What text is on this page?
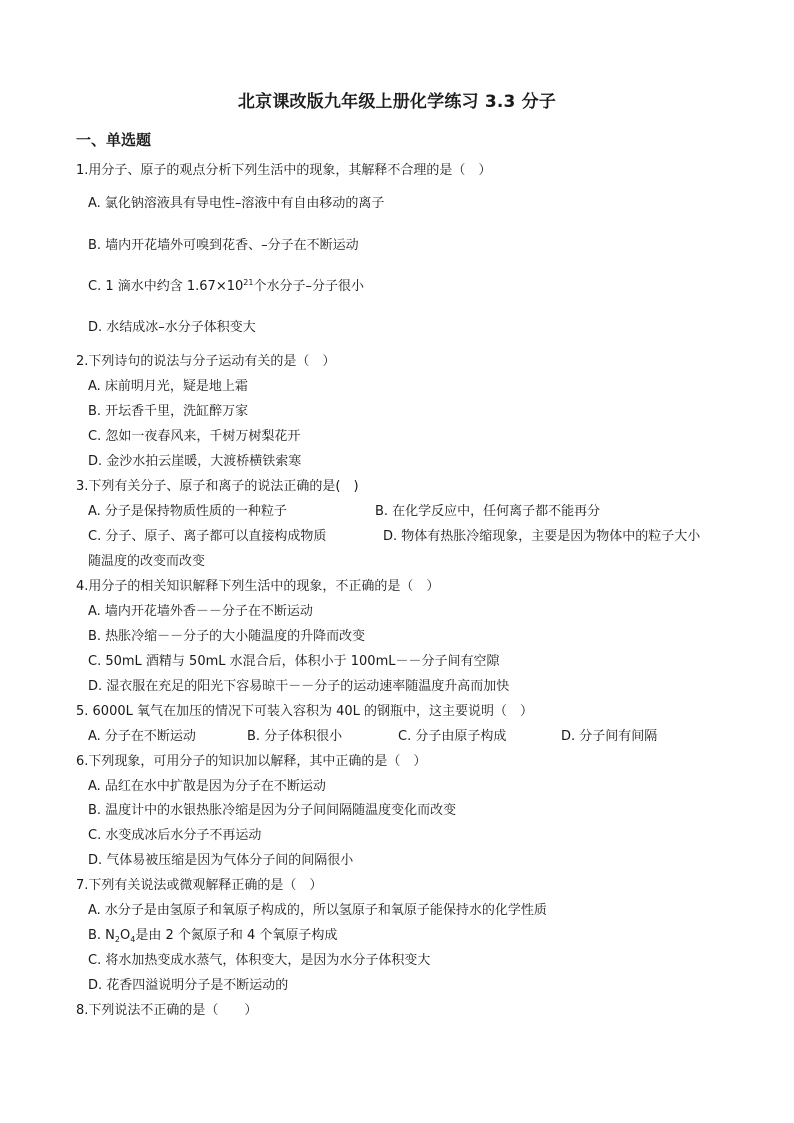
北京课改版九年级上册化学练习 3.3 分子
一、单选题
1.用分子、原子的观点分析下列生活中的现象，其解释不合理的是（　）
A. 氯化钠溶液具有导电性–溶液中有自由移动的离子
B. 墙内开花墙外可嗅到花香、–分子在不断运动
C. 1 滴水中约含 $1.67\times 10^{21}$个水分子–分子很小
D. 水结成冰–水分子体积变大
2.下列诗句的说法与分子运动有关的是（　）
A. 床前明月光，疑是地上霜
B. 开坛香千里，洗缸醉万家
C. 忽如一夜春风来，千树万树梨花开
D. 金沙水拍云崖暖，大渡桥横铁索寒
3.下列有关分子、原子和离子的说法正确的是(　)
A. 分子是保持物质性质的一种粒子	B. 在化学反应中，任何离子都不能再分
C. 分子、原子、离子都可以直接构成物质	D. 物体有热胀冷缩现象，主要是因为物体中的粒子大小
随温度的改变而改变
4.用分子的相关知识解释下列生活中的现象，不正确的是（　）
A. 墙内开花墙外香－－分子在不断运动
B. 热胀冷缩－－分子的大小随温度的升降而改变
C. 50mL 酒精与 50mL 水混合后，体积小于 100mL－－分子间有空隙
D. 湿衣服在充足的阳光下容易晾干－－分子的运动速率随温度升高而加快
5. 6000L 氧气在加压的情况下可装入容积为 40L 的钢瓶中，这主要说明（　）
A. 分子在不断运动	B. 分子体积很小	C. 分子由原子构成	D. 分子间有间隔
6.下列现象，可用分子的知识加以解释，其中正确的是（　）
A. 品红在水中扩散是因为分子在不断运动
B. 温度计中的水银热胀冷缩是因为分子间间隔随温度变化而改变
C. 水变成冰后水分子不再运动
D. 气体易被压缩是因为气体分子间的间隔很小
7.下列有关说法或微观解释正确的是（　）
A. 水分子是由氢原子和氧原子构成的，所以氢原子和氧原子能保持水的化学性质
B. $N_2O_4$是由 2 个氮原子和 4 个氧原子构成
C. 将水加热变成水蒸气，体积变大，是因为水分子体积变大
D. 花香四溢说明分子是不断运动的
8.下列说法不正确的是（　　）
